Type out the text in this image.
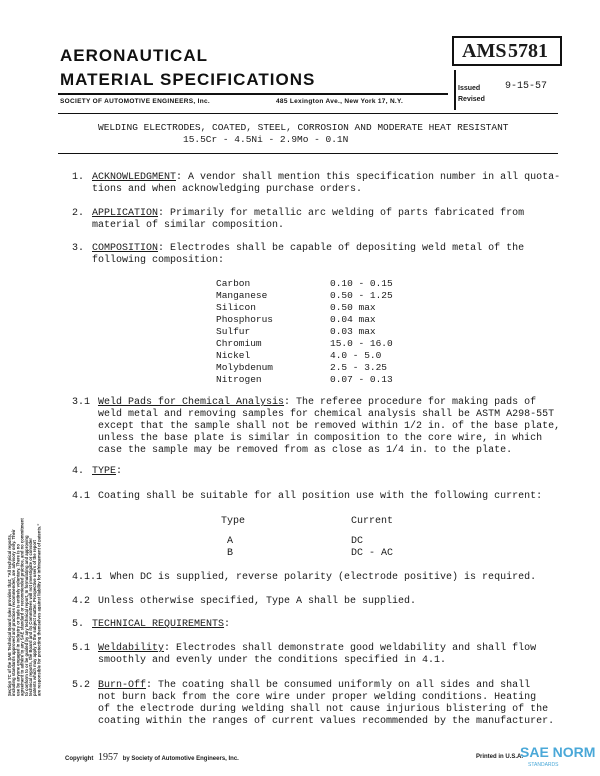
AERONAUTICAL
MATERIAL SPECIFICATIONS
SOCIETY OF AUTOMOTIVE ENGINEERS, Inc.	485 Lexington Ave., New York 17, N.Y.
AMS 5781
Issued 9-15-57
Revised
WELDING ELECTRODES, COATED, STEEL, CORROSION AND MODERATE HEAT RESISTANT
15.5Cr - 4.5Ni - 2.9Mo - 0.1N
Section 7C of the SAE Technical Board rules provides that: "All technical reports, including standards approved and practices recommended, are advisory only. Their use by anyone engaged in industry or trade is entirely voluntary. There is no agreement to adhere to any SAE standard or recommended practice, and no commitment to conform to or be guided by any technical report. In formulating and approving technical reports, the Board and its Committees will not investigate or consider patents which may apply to the subject matter. Prospective users of the report are responsible for protecting themselves against liability for infringement of patents."
1. ACKNOWLEDGMENT: A vendor shall mention this specification number in all quota-
tions and when acknowledging purchase orders.
2. APPLICATION: Primarily for metallic arc welding of parts fabricated from
material of similar composition.
3. COMPOSITION: Electrodes shall be capable of depositing weld metal of the
following composition:
Carbon	0.10 - 0.15
Manganese	0.50 - 1.25
Silicon	0.50 max
Phosphorus	0.04 max
Sulfur	0.03 max
Chromium	15.0 - 16.0
Nickel	4.0 - 5.0
Molybdenum	2.5 - 3.25
Nitrogen	0.07 - 0.13
3.1 Weld Pads for Chemical Analysis: The referee procedure for making pads of
weld metal and removing samples for chemical analysis shall be ASTM A298-55T
except that the sample shall not be removed within 1/2 in. of the base plate,
unless the base plate is similar in composition to the core wire, in which
case the sample may be removed from as close as 1/4 in. to the plate.
4. TYPE:
4.1 Coating shall be suitable for all position use with the following current:
Type	Current
A	DC
B	DC - AC
4.1.1 When DC is supplied, reverse polarity (electrode positive) is required.
4.2 Unless otherwise specified, Type A shall be supplied.
5. TECHNICAL REQUIREMENTS:
5.1 Weldability: Electrodes shall demonstrate good weldability and shall flow
smoothly and evenly under the conditions specified in 4.1.
5.2 Burn-Off: The coating shall be consumed uniformly on all sides and shall
not burn back from the core wire under proper welding conditions. Heating
of the electrode during welding shall not cause injurious blistering of the
coating within the ranges of current values recommended by the manufacturer.
Copyright 1957 by Society of Automotive Engineers, Inc.	Printed in U.S.A.
SAE NORM
STANDARDS
